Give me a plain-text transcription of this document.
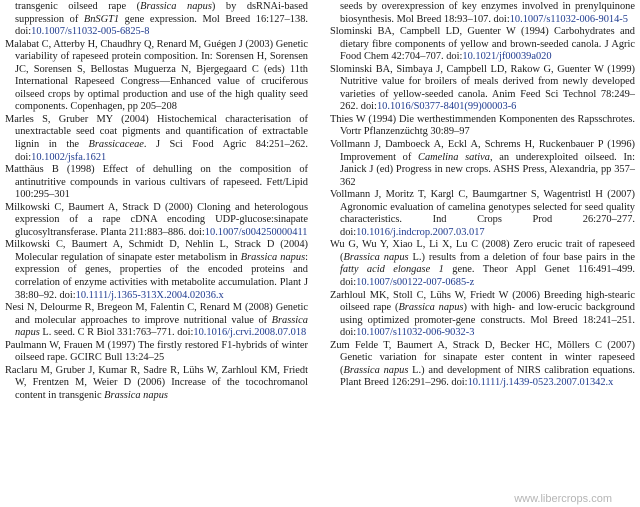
transgenic oilseed rape (Brassica napus) by dsRNAi-based suppression of BnSGT1 gene expression. Mol Breed 16:127–138. doi:10.1007/s11032-005-6825-8

Malabat C, Atterby H, Chaudhry Q, Renard M, Guégen J (2003) Genetic variability of rapeseed protein composition. In: Sorensen H, Sorensen JC, Sorensen S, Bellostas Muguerza N, Bjergegaard C (eds) 11th International Rapeseed Congress—Enhanced value of cruciferous oilseed crops by optimal production and use of the high quality seed components. Copenhagen, pp 205–208

Marles S, Gruber MY (2004) Histochemical characterisation of unextractable seed coat pigments and quantification of extractable lignin in the Brassicaceae. J Sci Food Agric 84:251–262. doi:10.1002/jsfa.1621

Matthäus B (1998) Effect of dehulling on the composition of antinutritive compounds in various cultivars of rapeseed. Fett/Lipid 100:295–301

Milkowski C, Baumert A, Strack D (2000) Cloning and heterologous expression of a rape cDNA encoding UDP-glucose:sinapate glucosyltransferase. Planta 211:883–886. doi:10.1007/s004250000411

Milkowski C, Baumert A, Schmidt D, Nehlin L, Strack D (2004) Molecular regulation of sinapate ester metabolism in Brassica napus: expression of genes, properties of the encoded proteins and correlation of enzyme activities with metabolite accumulation. Plant J 38:80–92. doi:10.1111/j.1365-313X.2004.02036.x

Nesi N, Delourme R, Bregeon M, Falentin C, Renard M (2008) Genetic and molecular approaches to improve nutritional value of Brassica napus L. seed. C R Biol 331:763–771. doi:10.1016/j.crvi.2008.07.018

Paulmann W, Frauen M (1997) The firstly restored F1-hybrids of winter oilseed rape. GCIRC Bull 13:24–25

Raclaru M, Gruber J, Kumar R, Sadre R, Lühs W, Zarhloul KM, Friedt W, Frentzen M, Weier D (2006) Increase of the tocochromanol content in transgenic Brassica napus

seeds by overexpression of key enzymes involved in prenylquinone biosynthesis. Mol Breed 18:93–107. doi:10.1007/s11032-006-9014-5

Slominski BA, Campbell LD, Guenter W (1994) Carbohydrates and dietary fibre components of yellow and brown-seeded canola. J Agric Food Chem 42:704–707. doi:10.1021/jf00039a020

Slominski BA, Simbaya J, Campbell LD, Rakow G, Guenter W (1999) Nutritive value for broilers of meals derived from newly developed varieties of yellow-seeded canola. Anim Feed Sci Technol 78:249–262. doi:10.1016/S0377-8401(99)00003-6

Thies W (1994) Die werthestimmenden Komponenten des Rapsschrotes. Vortr Pflanzenzüchtg 30:89–97

Vollmann J, Damboeck A, Eckl A, Schrems H, Ruckenbauer P (1996) Improvement of Camelina sativa, an underexploited oilseed. In: Janick J (ed) Progress in new crops. ASHS Press, Alexandria, pp 357–362

Vollmann J, Moritz T, Kargl C, Baumgartner S, Wagentristl H (2007) Agronomic evaluation of camelina genotypes selected for seed quality characteristics. Ind Crops Prod 26:270–277. doi:10.1016/j.indcrop.2007.03.017

Wu G, Wu Y, Xiao L, Li X, Lu C (2008) Zero erucic trait of rapeseed (Brassica napus L.) results from a deletion of four base pairs in the fatty acid elongase 1 gene. Theor Appl Genet 116:491–499. doi:10.1007/s00122-007-0685-z

Zarhloul MK, Stoll C, Lühs W, Friedt W (2006) Breeding high-stearic oilseed rape (Brassica napus) with high- and low-erucic background using optimized promoter-gene constructs. Mol Breed 18:241–251. doi:10.1007/s11032-006-9032-3

Zum Felde T, Baumert A, Strack D, Becker HC, Möllers C (2007) Genetic variation for sinapate ester content in winter rapeseed (Brassica napus L.) and development of NIRS calibration equations. Plant Breed 126:291–296. doi:10.1111/j.1439-0523.2007.01342.x

www.libercrops.com
